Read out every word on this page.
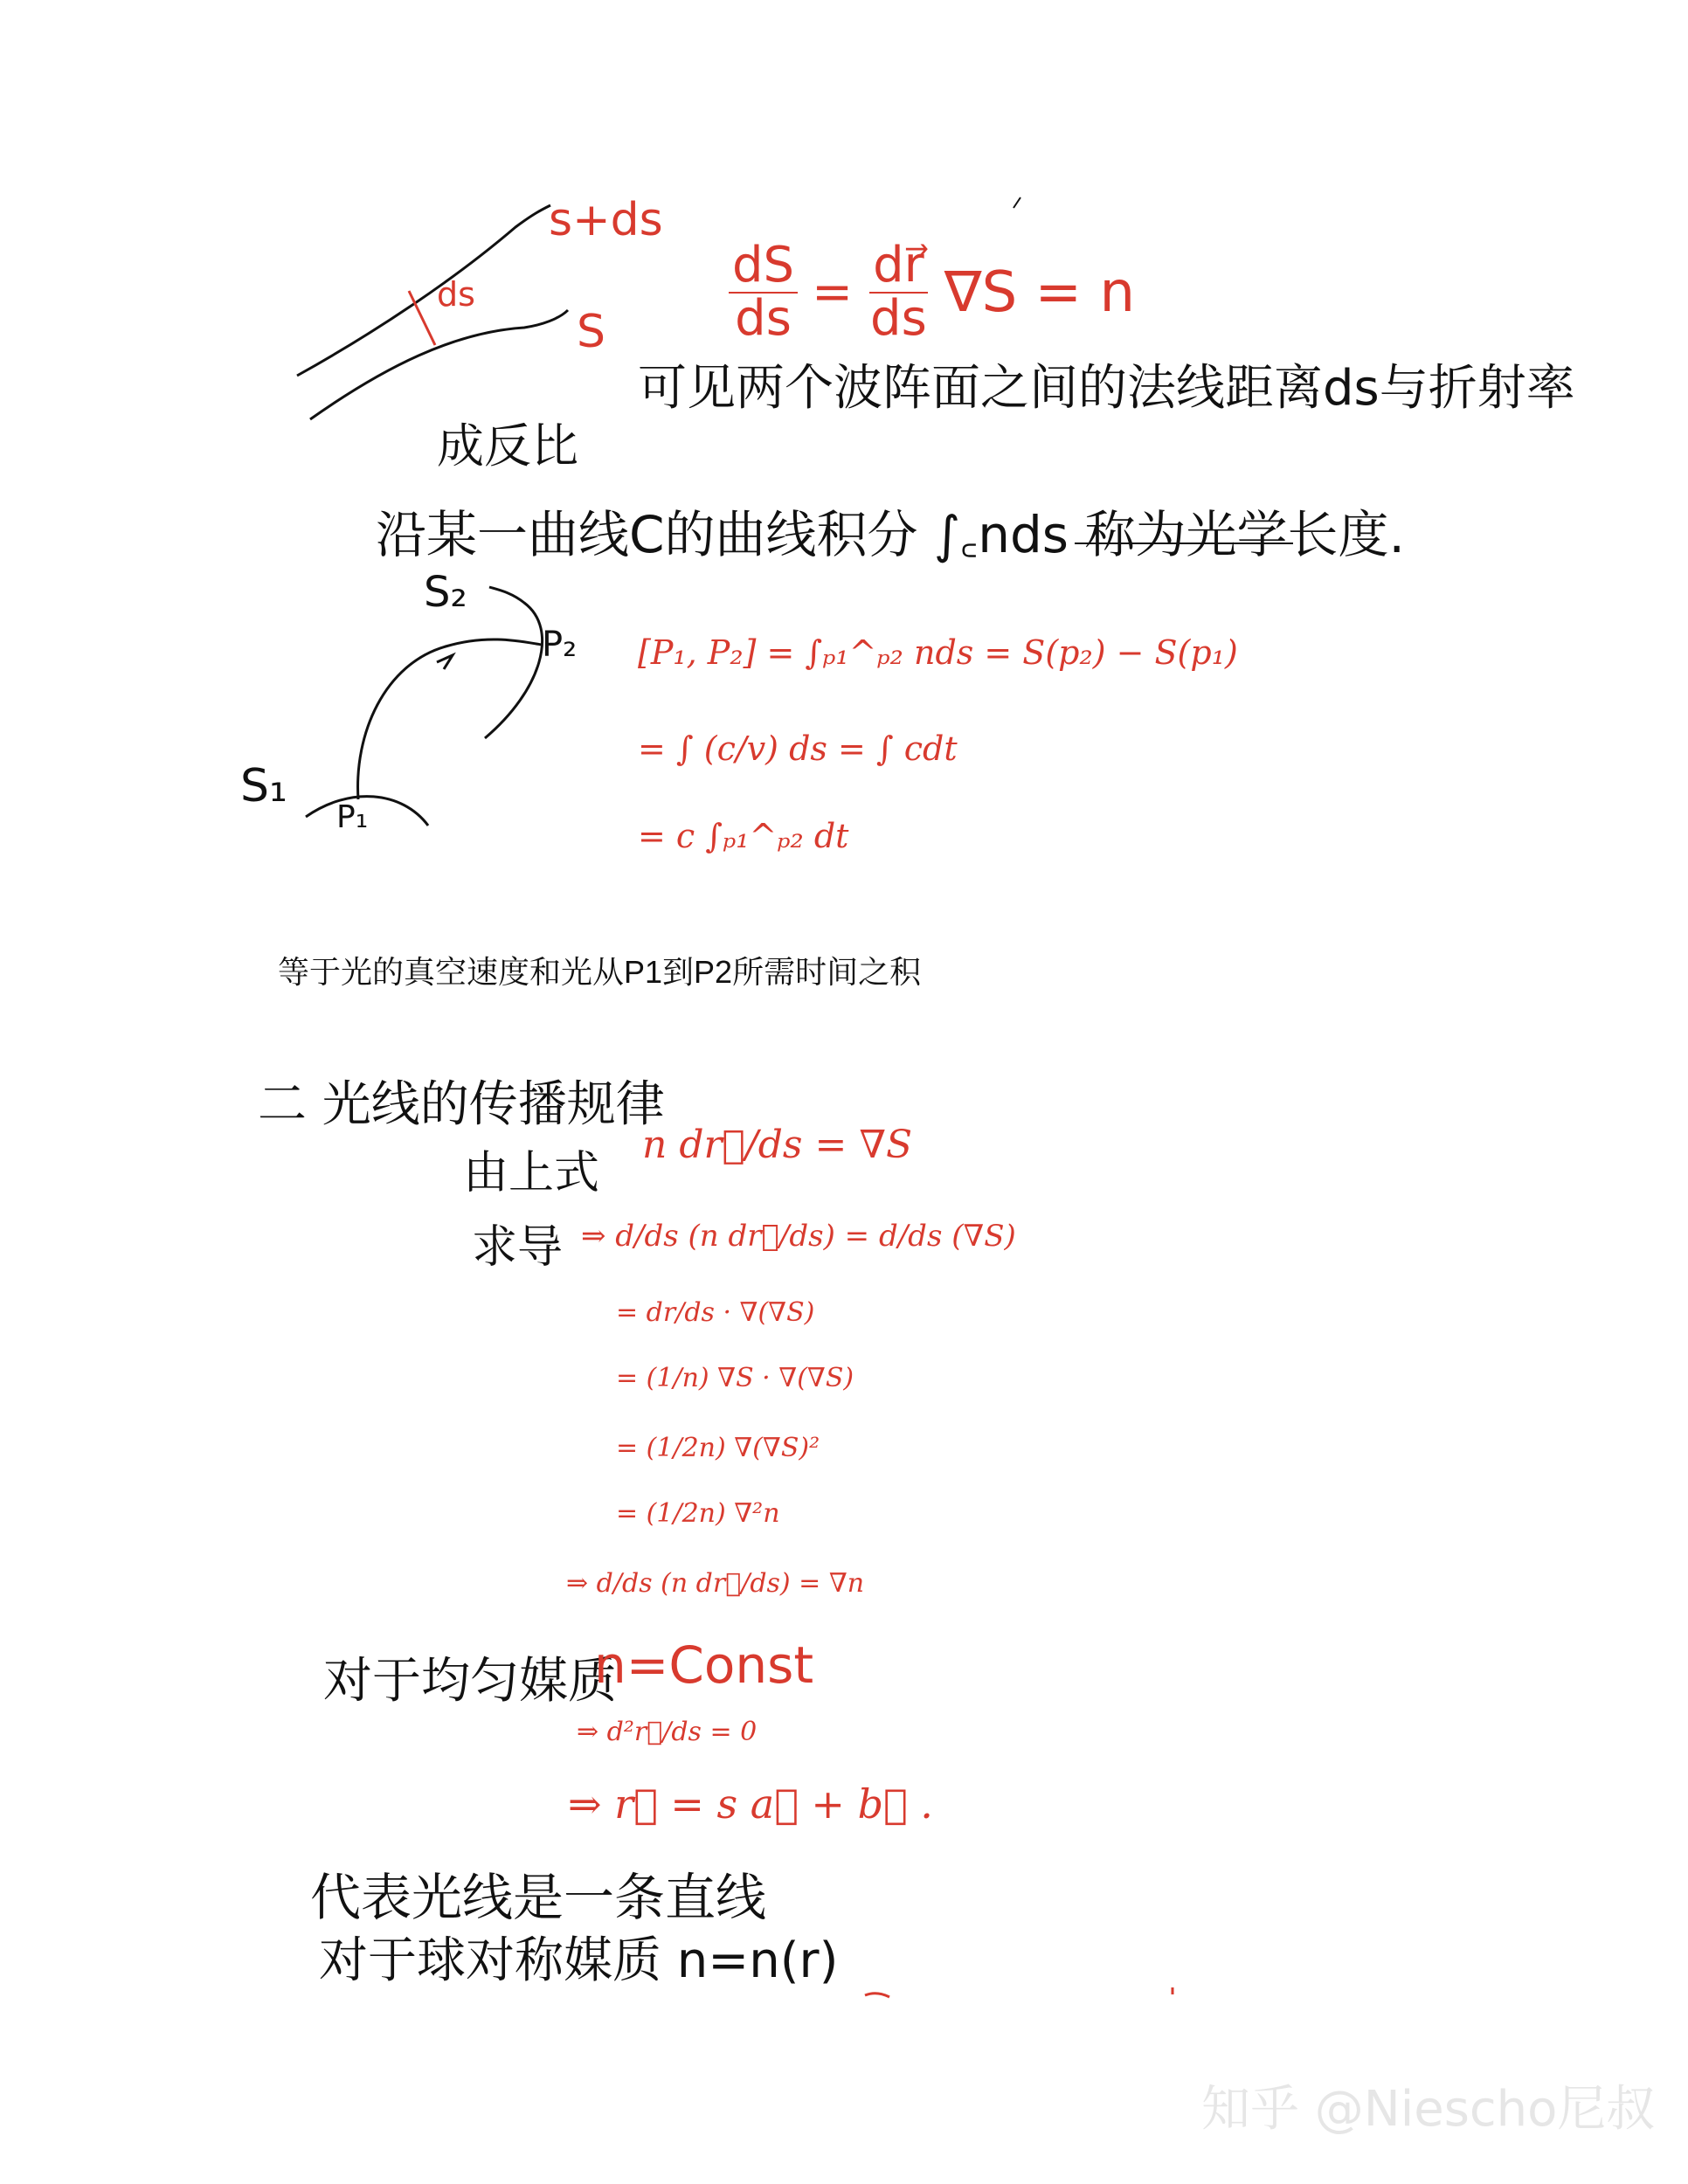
s+ds
ds
S	$\frac{dS}{ds} = \frac{dr⃗}{ds} \nabla S = n$
可见两个波阵面之间的法线距离ds与折射率
成反比
沿某一曲线C的曲线积分 ∫꜀nds 称为光学长度.
S₂
P₂
S₁
P₁
[P₁, P₂] = ∫ₚ₁^ₚ₂ nds = S(p₂) − S(p₁)
= ∫ (c/v) ds = ∫ cdt
= c ∫ₚ₁^ₚ₂ dt
等于光的真空速度和光从P1到P2所需时间之积
二 光线的传播规律
由上式
n dr⃗/ds = ∇S
求导 ⇒ d/ds (n dr⃗/ds) = d/ds (∇S)
= dr/ds · ∇(∇S)
= (1/n) ∇S · ∇(∇S)
= (1/2n) ∇(∇S)²
= (1/2n) ∇²n
⇒ d/ds (n dr⃗/ds) = ∇n
对于均匀媒质
n=Const
⇒ d²r⃗/ds = 0
⇒ r⃗ = s a⃗ + b⃗ .
代表光线是一条直线
对于球对称媒质 n=n(r)
知乎 @Niescho尼叔
